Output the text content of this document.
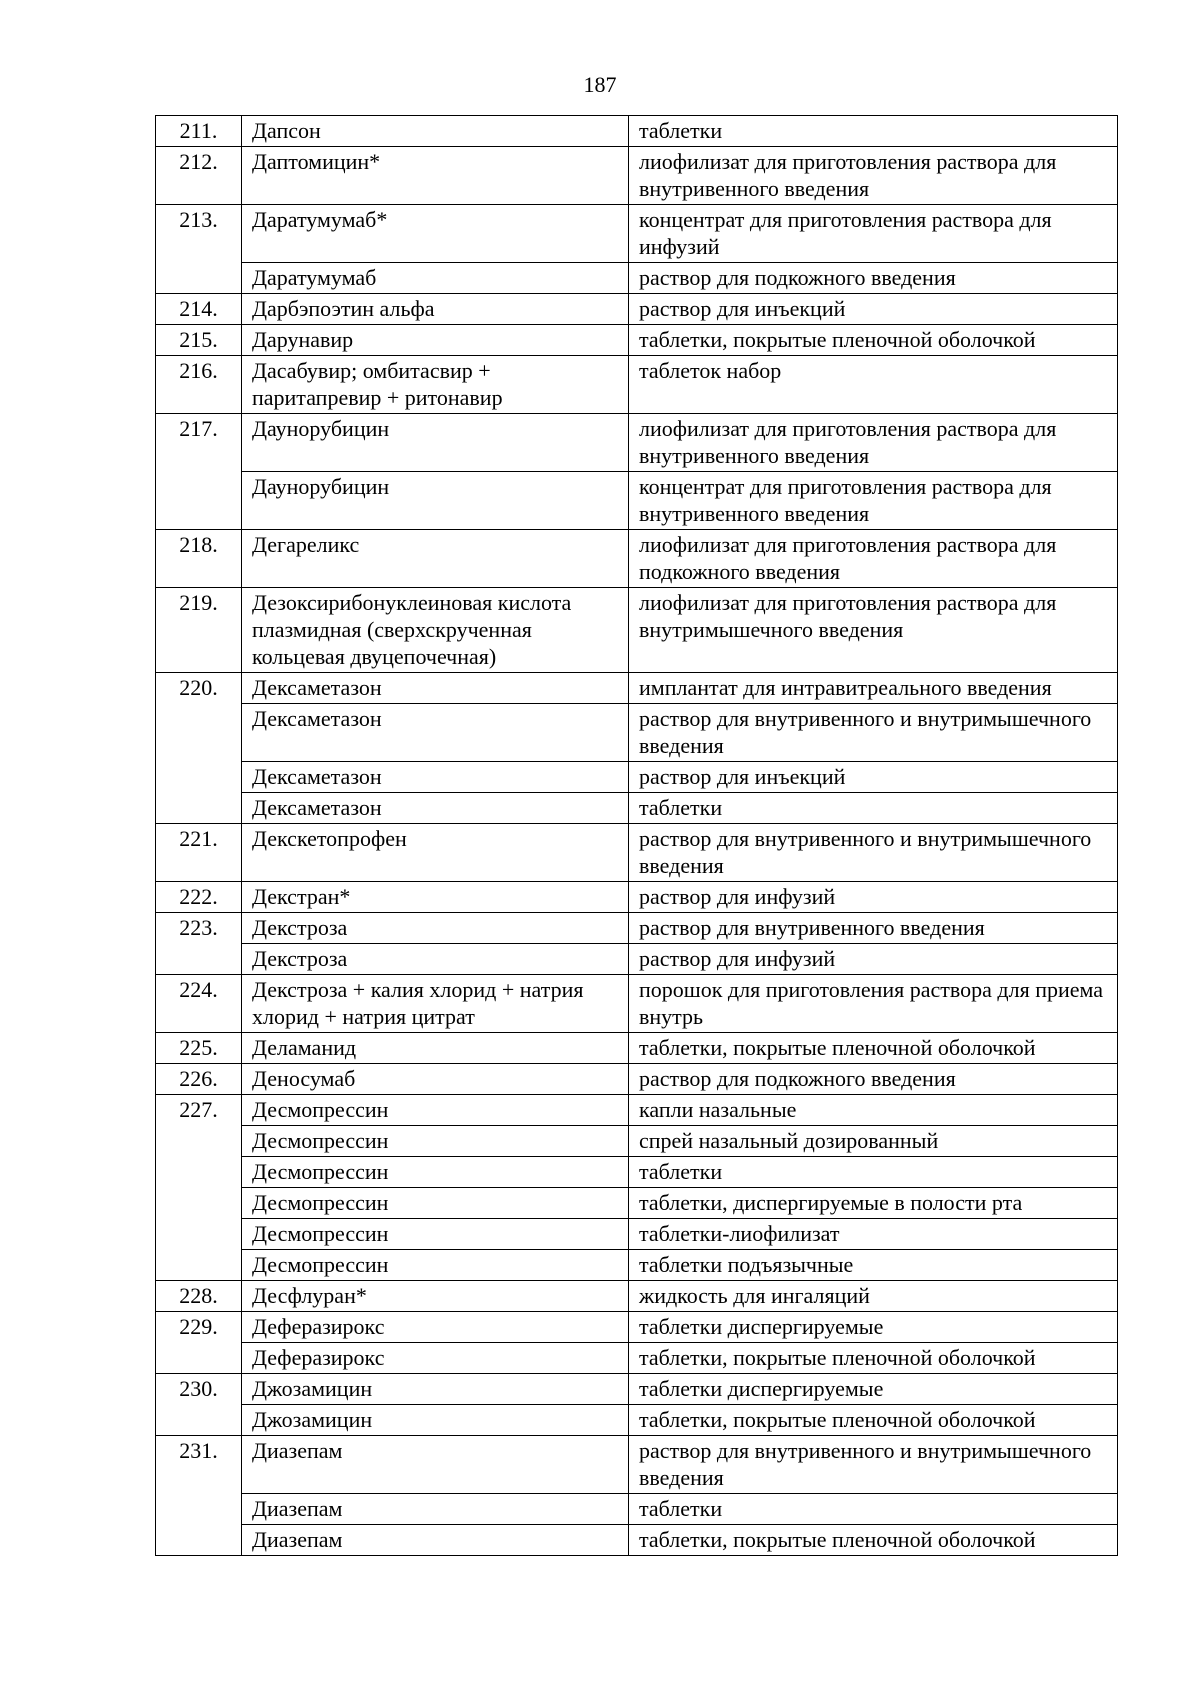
187
211.	Дапсон	таблетки
212.	Даптомицин*	лиофилизат для приготовления раствора для внутривенного введения
213.	Даратумумаб*	концентрат для приготовления раствора для инфузий
	Даратумумаб	раствор для подкожного введения
214.	Дарбэпоэтин альфа	раствор для инъекций
215.	Дарунавир	таблетки, покрытые пленочной оболочкой
216.	Дасабувир; омбитасвир + паритапревир + ритонавир	таблеток набор
217.	Даунорубицин	лиофилизат для приготовления раствора для внутривенного введения
	Даунорубицин	концентрат для приготовления раствора для внутривенного введения
218.	Дегареликс	лиофилизат для приготовления раствора для подкожного введения
219.	Дезоксирибонуклеиновая кислота плазмидная (сверхскрученная кольцевая двуцепочечная)	лиофилизат для приготовления раствора для внутримышечного введения
220.	Дексаметазон	имплантат для интравитреального введения
	Дексаметазон	раствор для внутривенного и внутримышечного введения
	Дексаметазон	раствор для инъекций
	Дексаметазон	таблетки
221.	Декскетопрофен	раствор для внутривенного и внутримышечного введения
222.	Декстран*	раствор для инфузий
223.	Декстроза	раствор для внутривенного введения
	Декстроза	раствор для инфузий
224.	Декстроза + калия хлорид + натрия хлорид + натрия цитрат	порошок для приготовления раствора для приема внутрь
225.	Деламанид	таблетки, покрытые пленочной оболочкой
226.	Деносумаб	раствор для подкожного введения
227.	Десмопрессин	капли назальные
	Десмопрессин	спрей назальный дозированный
	Десмопрессин	таблетки
	Десмопрессин	таблетки, диспергируемые в полости рта
	Десмопрессин	таблетки-лиофилизат
	Десмопрессин	таблетки подъязычные
228.	Десфлуран*	жидкость для ингаляций
229.	Деферазирокс	таблетки диспергируемые
	Деферазирокс	таблетки, покрытые пленочной оболочкой
230.	Джозамицин	таблетки диспергируемые
	Джозамицин	таблетки, покрытые пленочной оболочкой
231.	Диазепам	раствор для внутривенного и внутримышечного введения
	Диазепам	таблетки
	Диазепам	таблетки, покрытые пленочной оболочкой
